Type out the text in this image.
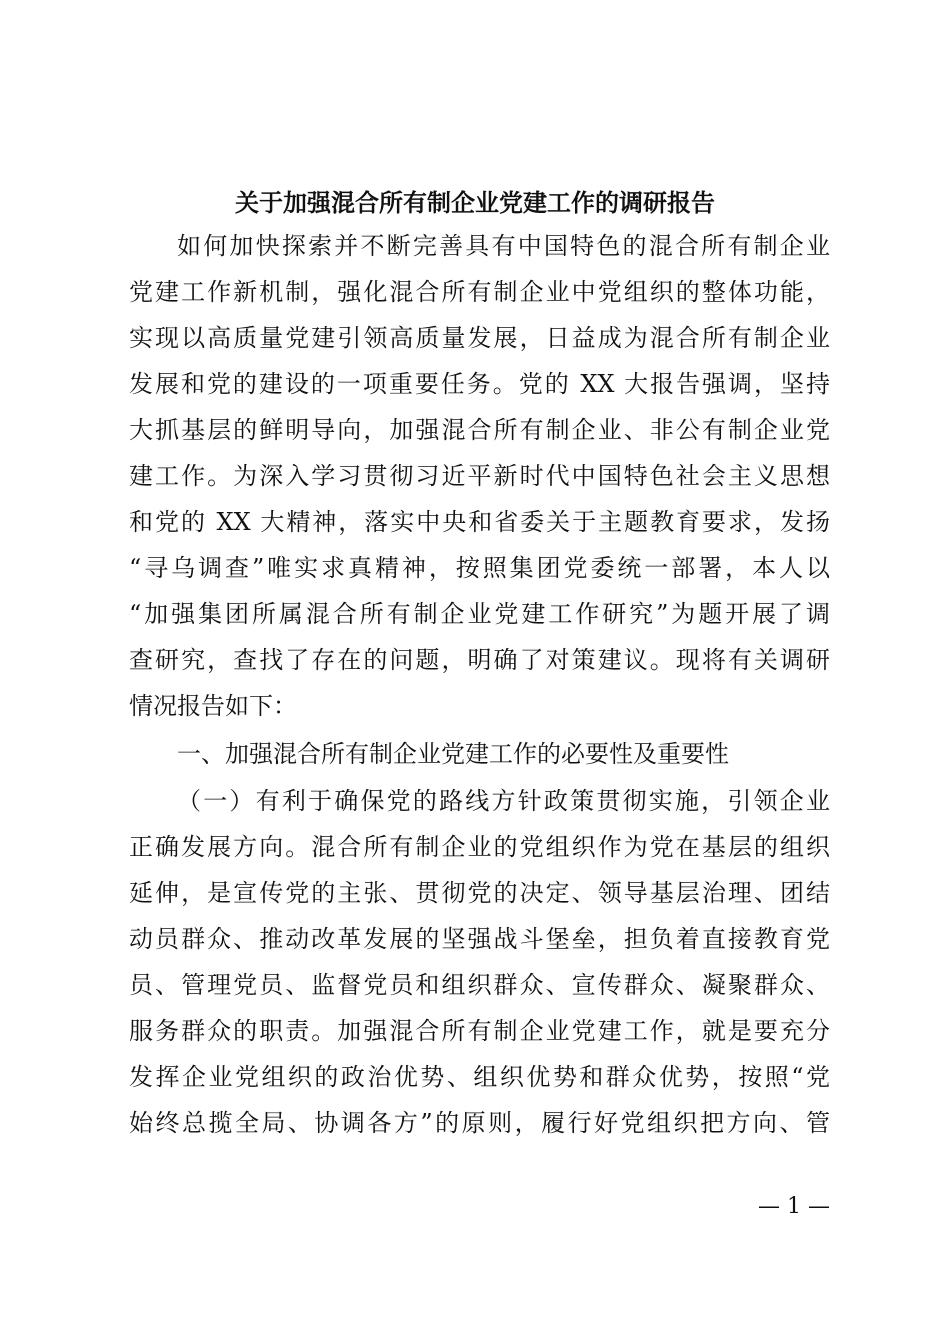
关于加强混合所有制企业党建工作的调研报告
如何加快探索并不断完善具有中国特色的混合所有制企业
党建工作新机制，强化混合所有制企业中党组织的整体功能，
实现以高质量党建引领高质量发展，日益成为混合所有制企业
发展和党的建设的一项重要任务。党的 XX 大报告强调，坚持
大抓基层的鲜明导向，加强混合所有制企业、非公有制企业党
建工作。为深入学习贯彻习近平新时代中国特色社会主义思想
和党的 XX 大精神，落实中央和省委关于主题教育要求，发扬
“寻乌调查”唯实求真精神，按照集团党委统一部署，本人以
“加强集团所属混合所有制企业党建工作研究”为题开展了调
查研究，查找了存在的问题，明确了对策建议。现将有关调研
情况报告如下：
一、加强混合所有制企业党建工作的必要性及重要性
（一）有利于确保党的路线方针政策贯彻实施，引领企业
正确发展方向。混合所有制企业的党组织作为党在基层的组织
延伸，是宣传党的主张、贯彻党的决定、领导基层治理、团结
动员群众、推动改革发展的坚强战斗堡垒，担负着直接教育党
员、管理党员、监督党员和组织群众、宣传群众、凝聚群众、
服务群众的职责。加强混合所有制企业党建工作，就是要充分
发挥企业党组织的政治优势、组织优势和群众优势，按照“党
始终总揽全局、协调各方”的原则，履行好党组织把方向、管
— 1 —
